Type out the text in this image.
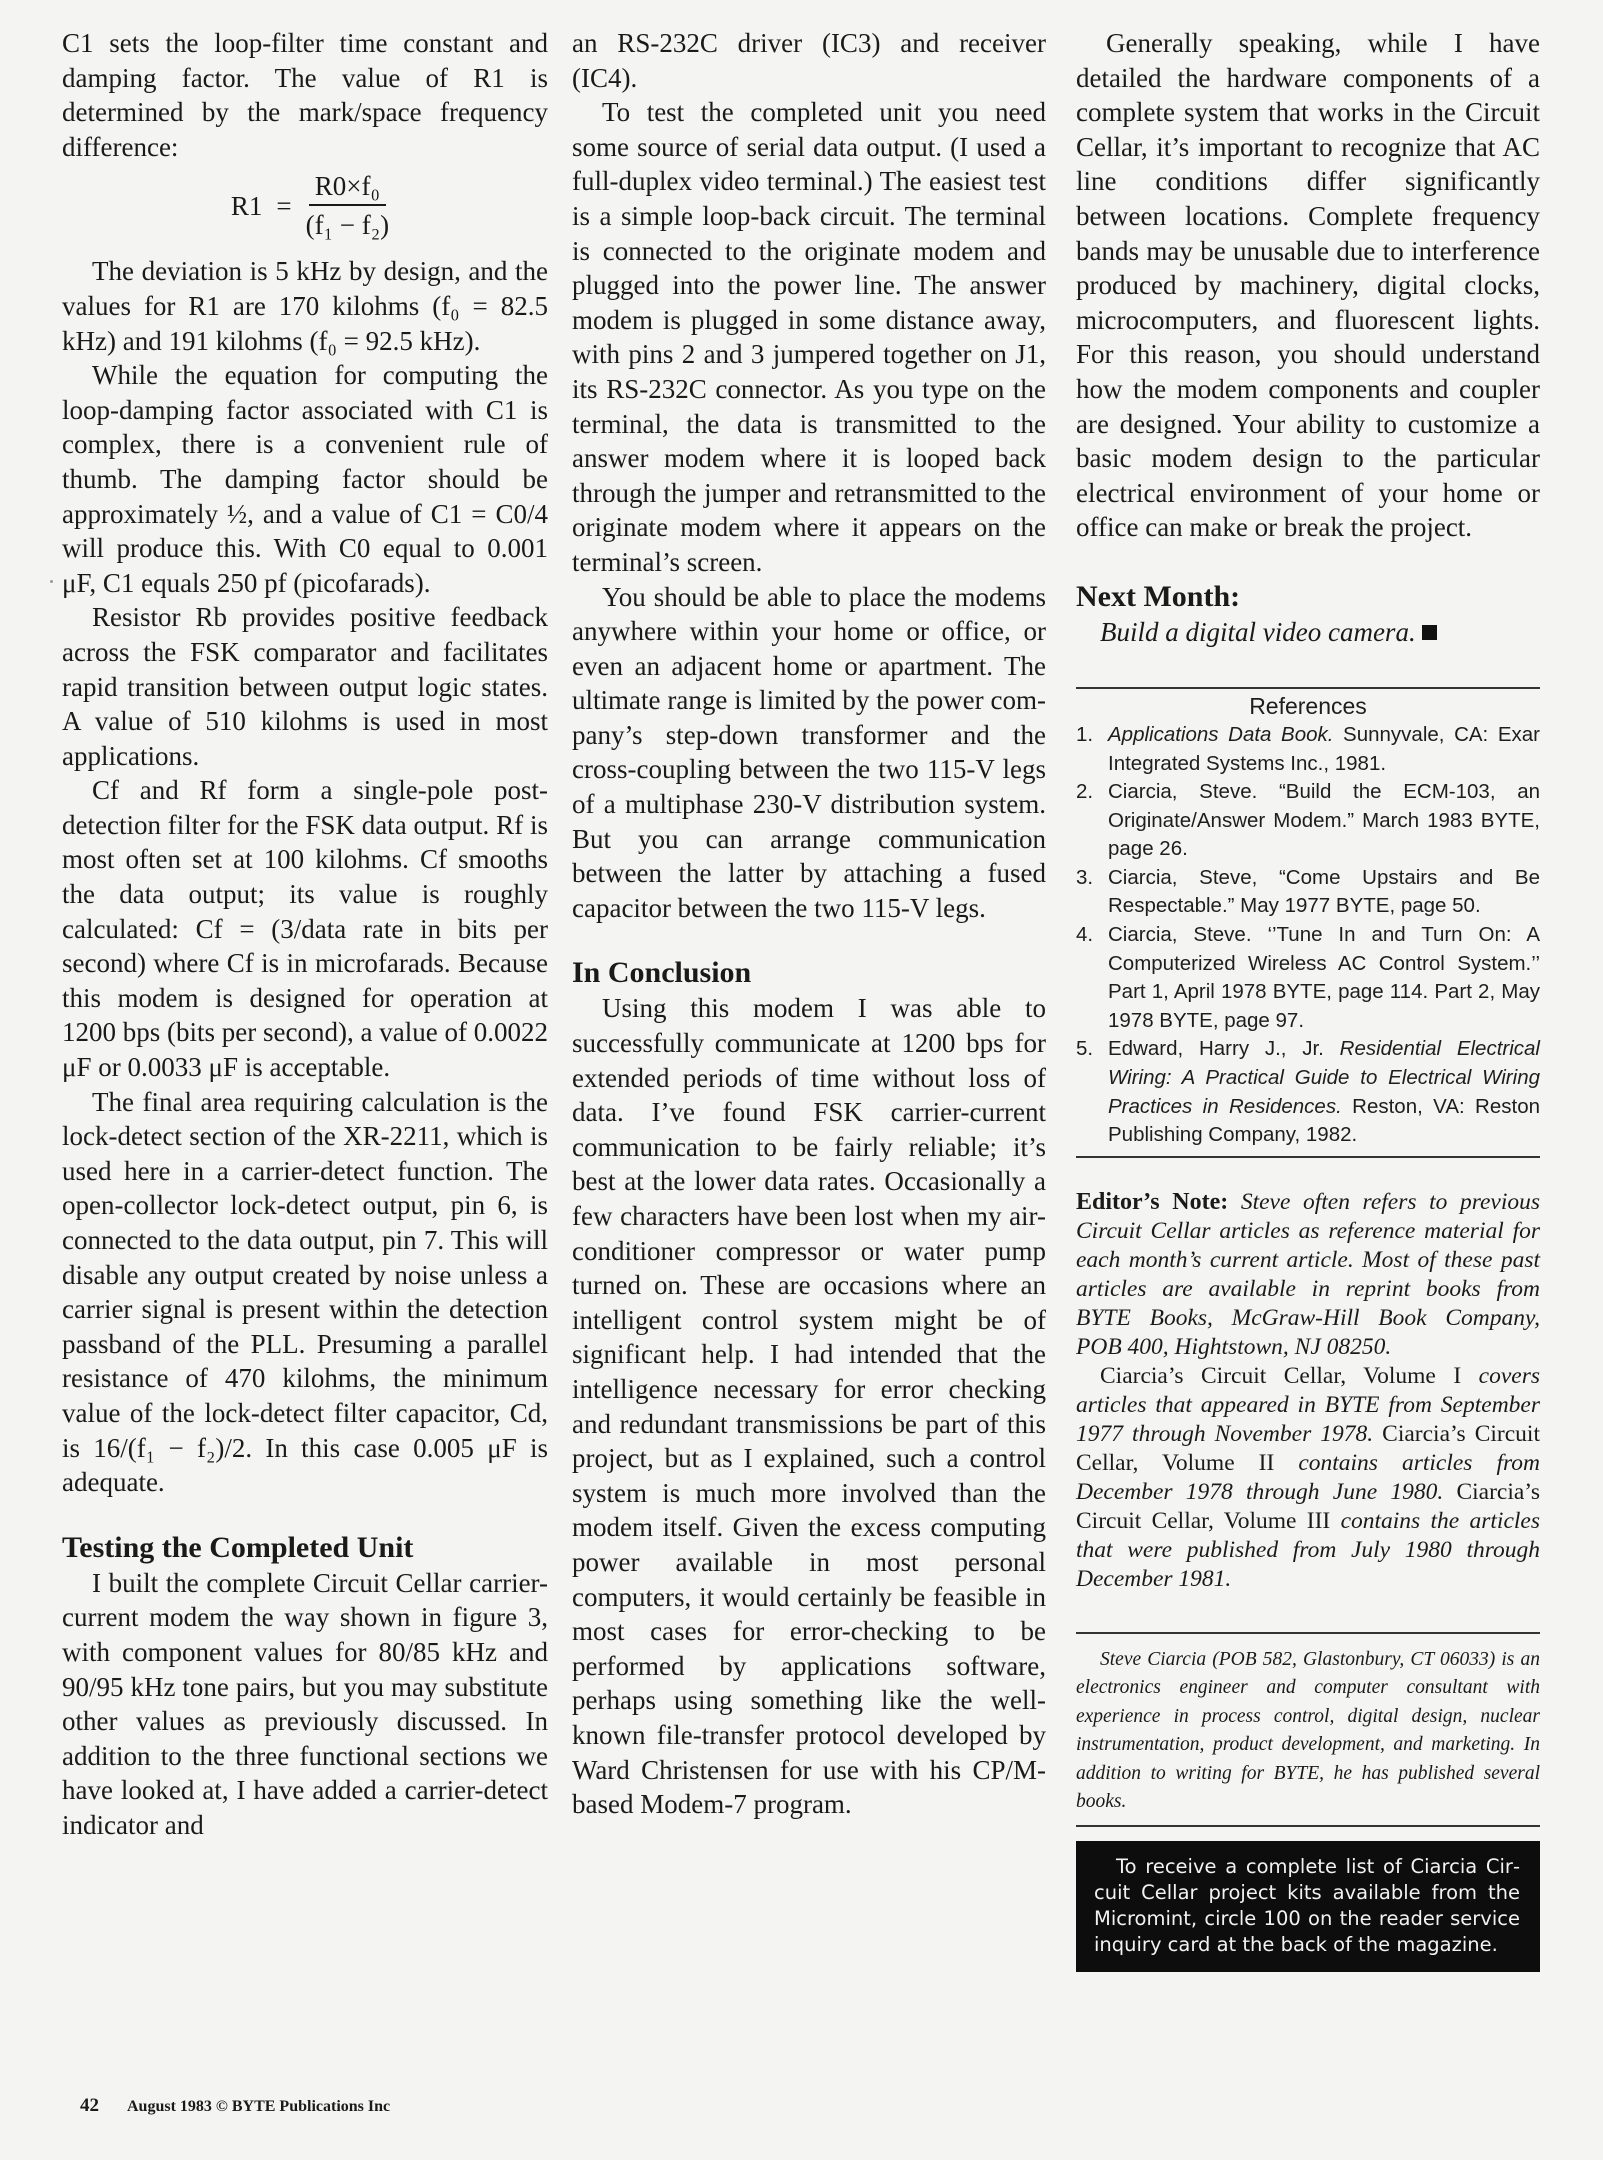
C1 sets the loop-filter time constant and damping factor. The value of R1 is determined by the mark/space frequency difference:

$R1 = \frac{\text{R0×f₀}}{\text{(f₁ − f₂)}}$

The deviation is 5 kHz by design, and the values for R1 are 170 kilohms (f₀ = 82.5 kHz) and 191 kilohms (f₀ = 92.5 kHz).

While the equation for computing the loop-damping factor associated with C1 is complex, there is a convenient rule of thumb. The damping factor should be approximately ½, and a value of C1 = C0/4 will produce this. With C0 equal to 0.001 μF, C1 equals 250 pf (picofarads).

Resistor Rb provides positive feedback across the FSK comparator and facilitates rapid transition between output logic states. A value of 510 kilohms is used in most applications.

Cf and Rf form a single-pole post-detection filter for the FSK data output. Rf is most often set at 100 kilohms. Cf smooths the data output; its value is roughly calculated: Cf = (3/data rate in bits per second) where Cf is in microfarads. Because this modem is designed for operation at 1200 bps (bits per second), a value of 0.0022 μF or 0.0033 μF is acceptable.

The final area requiring calculation is the lock-detect section of the XR-2211, which is used here in a carrier-detect function. The open-collector lock-detect output, pin 6, is connected to the data output, pin 7. This will disable any output created by noise unless a carrier signal is present within the detection passband of the PLL. Presuming a parallel resistance of 470 kilohms, the minimum value of the lock-detect filter capacitor, Cd, is 16/(f₁ − f₂)/2. In this case 0.005 μF is adequate.

Testing the Completed Unit

I built the complete Circuit Cellar carrier-current modem the way shown in figure 3, with component values for 80/85 kHz and 90/95 kHz tone pairs, but you may substitute other values as previously discussed. In addition to the three functional sections we have looked at, I have added a carrier-detect indicator and

an RS-232C driver (IC3) and receiver (IC4).

To test the completed unit you need some source of serial data output. (I used a full-duplex video terminal.) The easiest test is a simple loop-back circuit. The terminal is connected to the originate modem and plugged into the power line. The answer modem is plugged in some distance away, with pins 2 and 3 jumpered together on J1, its RS-232C connector. As you type on the terminal, the data is transmitted to the answer modem where it is looped back through the jumper and retransmitted to the originate modem where it appears on the terminal’s screen.

You should be able to place the modems anywhere within your home or office, or even an adjacent home or apartment. The ultimate range is limited by the power company’s step-down transformer and the cross-coupling between the two 115-V legs of a multiphase 230-V distribution system. But you can arrange communication between the latter by attaching a fused capacitor between the two 115-V legs.

In Conclusion

Using this modem I was able to successfully communicate at 1200 bps for extended periods of time without loss of data. I’ve found FSK carrier-current communication to be fairly reliable; it’s best at the lower data rates. Occasionally a few characters have been lost when my air-conditioner compressor or water pump turned on. These are occasions where an intelligent control system might be of significant help. I had intended that the intelligence necessary for error checking and redundant transmissions be part of this project, but as I explained, such a control system is much more involved than the modem itself. Given the excess computing power available in most personal computers, it would certainly be feasible in most cases for error-checking to be performed by applications software, perhaps using something like the well-known file-transfer protocol developed by Ward Christensen for use with his CP/M-based Modem-7 program.

Generally speaking, while I have detailed the hardware components of a complete system that works in the Circuit Cellar, it’s important to recognize that AC line conditions differ significantly between locations. Complete frequency bands may be unusable due to interference produced by machinery, digital clocks, microcomputers, and fluorescent lights. For this reason, you should understand how the modem components and coupler are designed. Your ability to customize a basic modem design to the particular electrical environment of your home or office can make or break the project.

Next Month:
Build a digital video camera.
References
1. Applications Data Book. Sunnyvale, CA: Exar Integrated Systems Inc., 1981.
2. Ciarcia, Steve. “Build the ECM-103, an Originate/Answer Modem.” March 1983 BYTE, page 26.
3. Ciarcia, Steve, “Come Upstairs and Be Respectable.” May 1977 BYTE, page 50.
4. Ciarcia, Steve. ‘’Tune In and Turn On: A Computerized Wireless AC Control System.’’ Part 1, April 1978 BYTE, page 114. Part 2, May 1978 BYTE, page 97.
5. Edward, Harry J., Jr. Residential Electrical Wiring: A Practical Guide to Electrical Wiring Practices in Residences. Reston, VA: Reston Publishing Company, 1982.

Editor’s Note: Steve often refers to previous Circuit Cellar articles as reference material for each month’s current article. Most of these past articles are available in reprint books from BYTE Books, McGraw-Hill Book Company, POB 400, Hightstown, NJ 08250.

Ciarcia’s Circuit Cellar, Volume I covers articles that appeared in BYTE from September 1977 through November 1978. Ciarcia’s Circuit Cellar, Volume II contains articles from December 1978 through June 1980. Ciarcia’s Circuit Cellar, Volume III contains the articles that were published from July 1980 through December 1981.

Steve Ciarcia (POB 582, Glastonbury, CT 06033) is an electronics engineer and computer consultant with experience in process control, digital design, nuclear instrumentation, product development, and marketing. In addition to writing for BYTE, he has published several books.

To receive a complete list of Ciarcia Circuit Cellar project kits available from the Micromint, circle 100 on the reader service inquiry card at the back of the magazine.
42 August 1983 © BYTE Publications Inc
